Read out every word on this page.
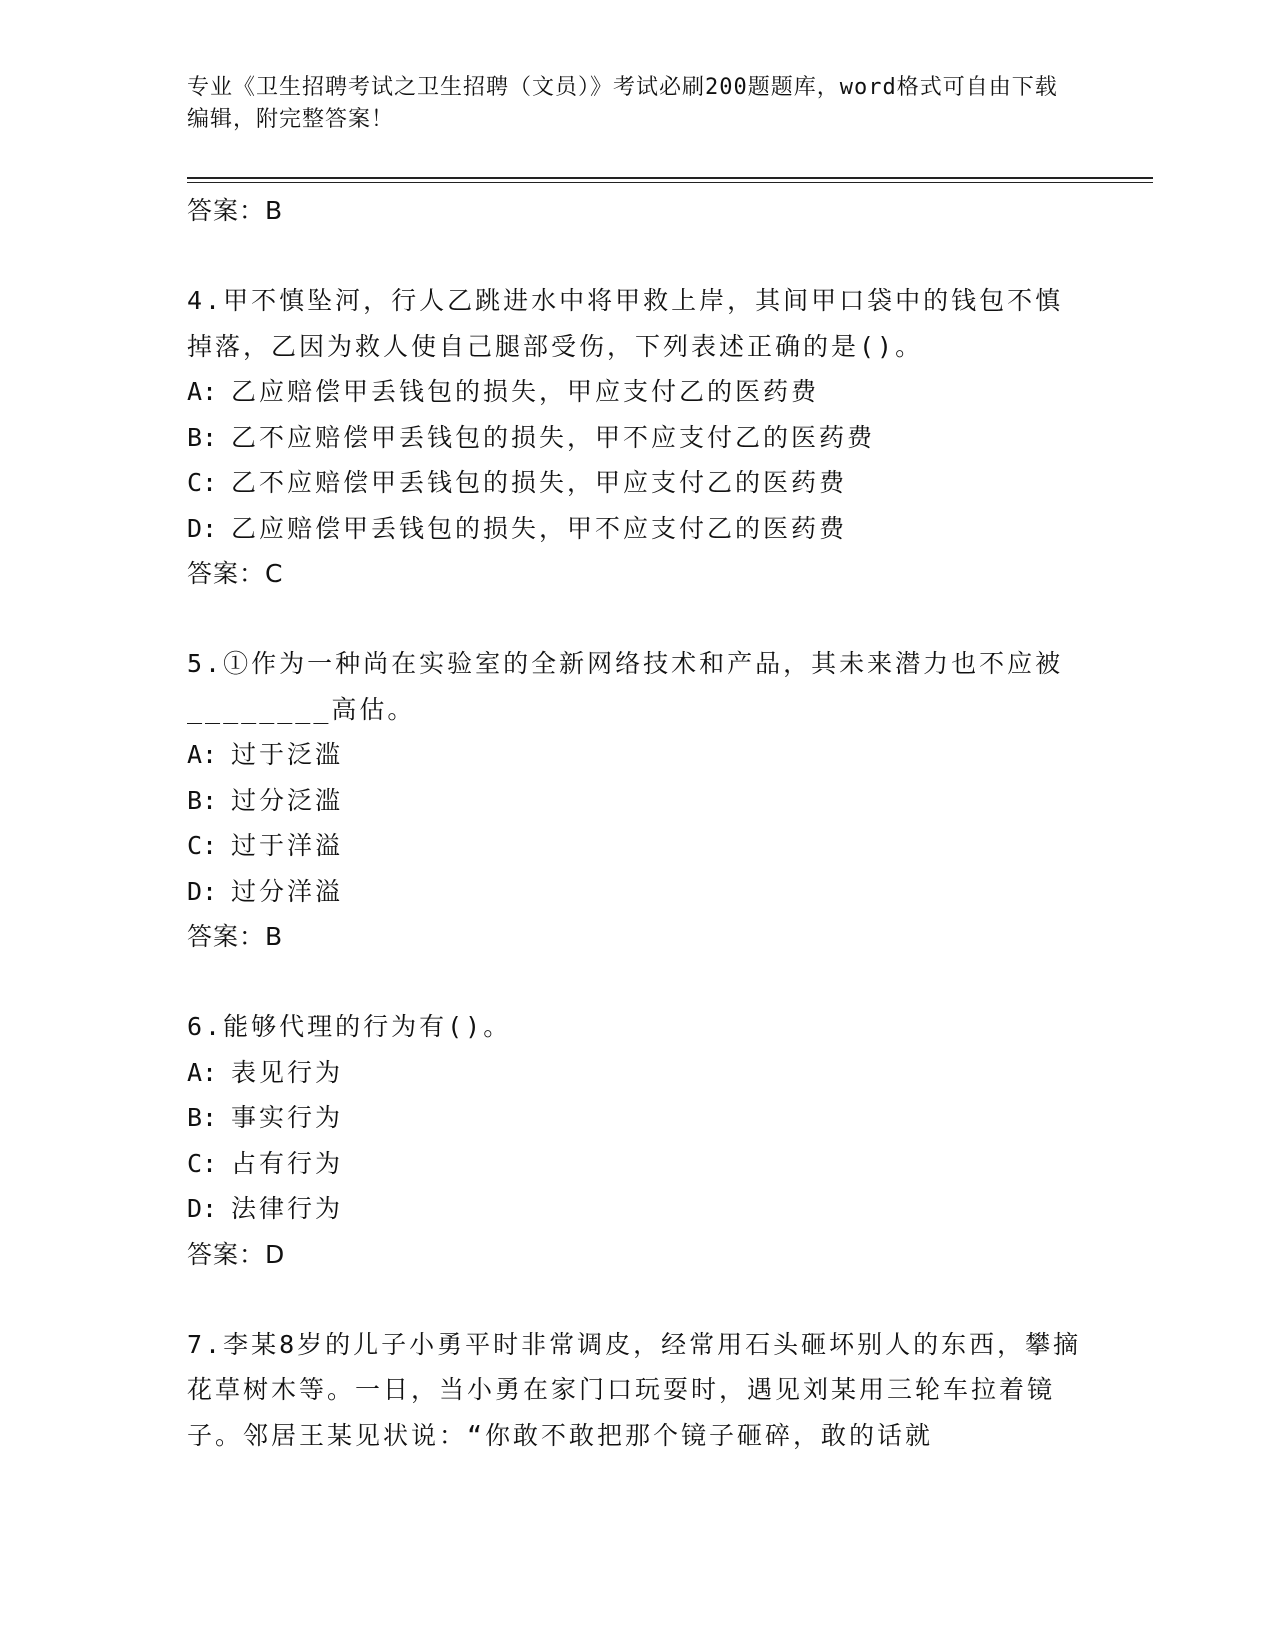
专业《卫生招聘考试之卫生招聘（文员）》考试必刷200题题库，word格式可自由下载编辑，附完整答案！
答案：B

4.甲不慎坠河，行人乙跳进水中将甲救上岸，其间甲口袋中的钱包不慎掉落，乙因为救人使自己腿部受伤，下列表述正确的是()。

A: 乙应赔偿甲丢钱包的损失，甲应支付乙的医药费
B: 乙不应赔偿甲丢钱包的损失，甲不应支付乙的医药费
C: 乙不应赔偿甲丢钱包的损失，甲应支付乙的医药费
D: 乙应赔偿甲丢钱包的损失，甲不应支付乙的医药费
答案：C

5.①作为一种尚在实验室的全新网络技术和产品，其未来潜力也不应被________高估。

A: 过于泛滥
B: 过分泛滥
C: 过于洋溢
D: 过分洋溢
答案：B

6.能够代理的行为有()。

A: 表见行为
B: 事实行为
C: 占有行为
D: 法律行为
答案：D

7.李某8岁的儿子小勇平时非常调皮，经常用石头砸坏别人的东西，攀摘花草树木等。一日，当小勇在家门口玩耍时，遇见刘某用三轮车拉着镜子。邻居王某见状说：“你敢不敢把那个镜子砸碎，敢的话就
